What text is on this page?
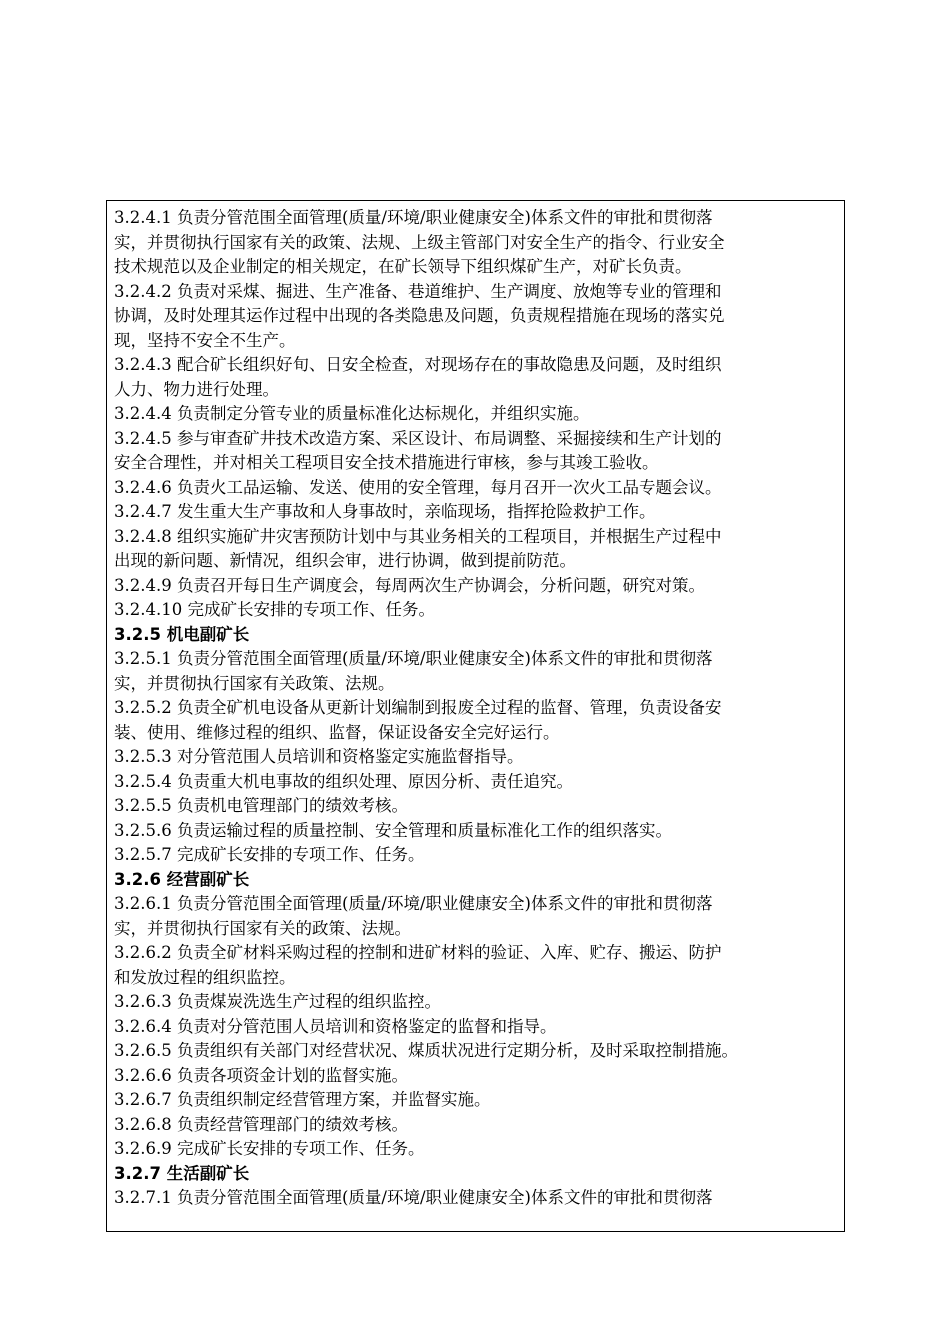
3.2.4.1 负责分管范围全面管理(质量/环境/职业健康安全)体系文件的审批和贯彻落
实，并贯彻执行国家有关的政策、法规、上级主管部门对安全生产的指令、行业安全
技术规范以及企业制定的相关规定，在矿长领导下组织煤矿生产，对矿长负责。
3.2.4.2 负责对采煤、掘进、生产准备、巷道维护、生产调度、放炮等专业的管理和
协调，及时处理其运作过程中出现的各类隐患及问题，负责规程措施在现场的落实兑
现，坚持不安全不生产。
3.2.4.3 配合矿长组织好旬、日安全检查，对现场存在的事故隐患及问题，及时组织
人力、物力进行处理。
3.2.4.4 负责制定分管专业的质量标准化达标规化，并组织实施。
3.2.4.5 参与审查矿井技术改造方案、采区设计、布局调整、采掘接续和生产计划的
安全合理性，并对相关工程项目安全技术措施进行审核，参与其竣工验收。
3.2.4.6 负责火工品运输、发送、使用的安全管理，每月召开一次火工品专题会议。
3.2.4.7 发生重大生产事故和人身事故时，亲临现场，指挥抢险救护工作。
3.2.4.8 组织实施矿井灾害预防计划中与其业务相关的工程项目，并根据生产过程中
出现的新问题、新情况，组织会审，进行协调，做到提前防范。
3.2.4.9 负责召开每日生产调度会，每周两次生产协调会，分析问题，研究对策。
3.2.4.10 完成矿长安排的专项工作、任务。
3.2.5 机电副矿长
3.2.5.1 负责分管范围全面管理(质量/环境/职业健康安全)体系文件的审批和贯彻落
实，并贯彻执行国家有关政策、法规。
3.2.5.2 负责全矿机电设备从更新计划编制到报废全过程的监督、管理，负责设备安
装、使用、维修过程的组织、监督，保证设备安全完好运行。
3.2.5.3 对分管范围人员培训和资格鉴定实施监督指导。
3.2.5.4 负责重大机电事故的组织处理、原因分析、责任追究。
3.2.5.5 负责机电管理部门的绩效考核。
3.2.5.6 负责运输过程的质量控制、安全管理和质量标准化工作的组织落实。
3.2.5.7 完成矿长安排的专项工作、任务。
3.2.6 经营副矿长
3.2.6.1 负责分管范围全面管理(质量/环境/职业健康安全)体系文件的审批和贯彻落
实，并贯彻执行国家有关的政策、法规。
3.2.6.2 负责全矿材料采购过程的控制和进矿材料的验证、入库、贮存、搬运、防护
和发放过程的组织监控。
3.2.6.3 负责煤炭洗选生产过程的组织监控。
3.2.6.4 负责对分管范围人员培训和资格鉴定的监督和指导。
3.2.6.5 负责组织有关部门对经营状况、煤质状况进行定期分析，及时采取控制措施。
3.2.6.6 负责各项资金计划的监督实施。
3.2.6.7 负责组织制定经营管理方案，并监督实施。
3.2.6.8 负责经营管理部门的绩效考核。
3.2.6.9 完成矿长安排的专项工作、任务。
3.2.7 生活副矿长
3.2.7.1 负责分管范围全面管理(质量/环境/职业健康安全)体系文件的审批和贯彻落
